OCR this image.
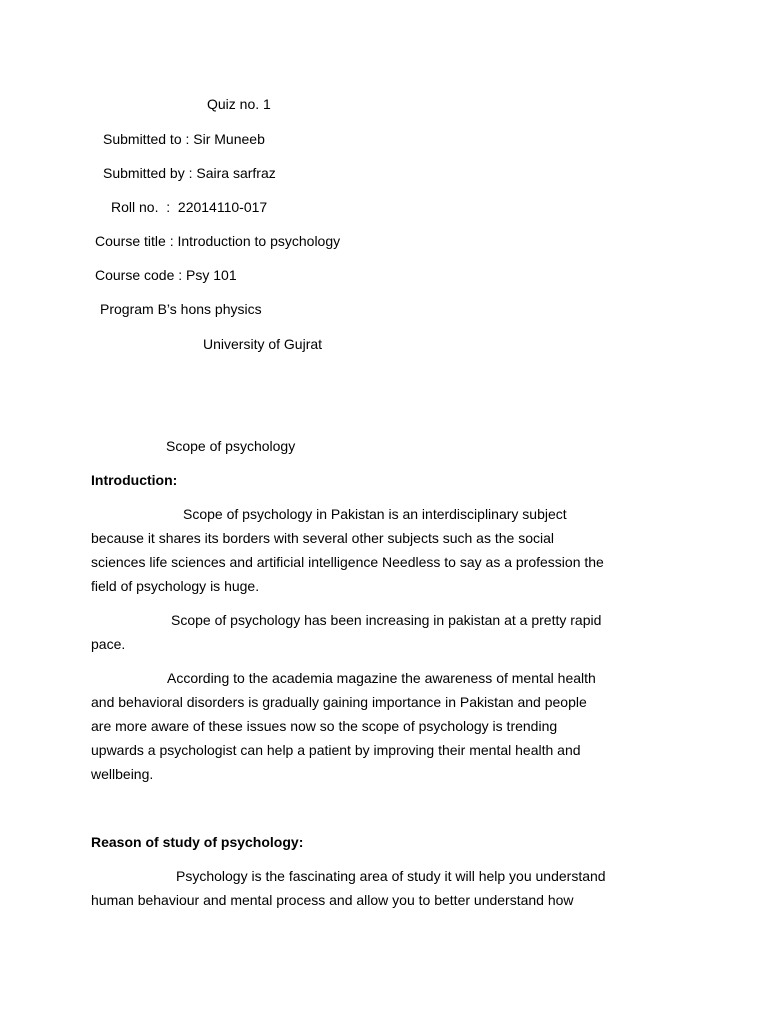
Quiz no. 1
Submitted to : Sir Muneeb
Submitted by : Saira sarfraz
Roll no.  :  22014110-017
Course title : Introduction to psychology
Course code : Psy 101
Program B’s hons physics
University of Gujrat
Scope of psychology
Introduction:
Scope of psychology in Pakistan is an interdisciplinary subject
because it shares its borders with several other subjects such as the social
sciences life sciences and artificial intelligence Needless to say as a profession the
field of psychology is huge.
Scope of psychology has been increasing in pakistan at a pretty rapid
pace.
According to the academia magazine the awareness of mental health
and behavioral disorders is gradually gaining importance in Pakistan and people
are more aware of these issues now so the scope of psychology is trending
upwards a psychologist can help a patient by improving their mental health and
wellbeing.
Reason of study of psychology:
Psychology is the fascinating area of study it will help you understand
human behaviour and mental process and allow you to better understand how
